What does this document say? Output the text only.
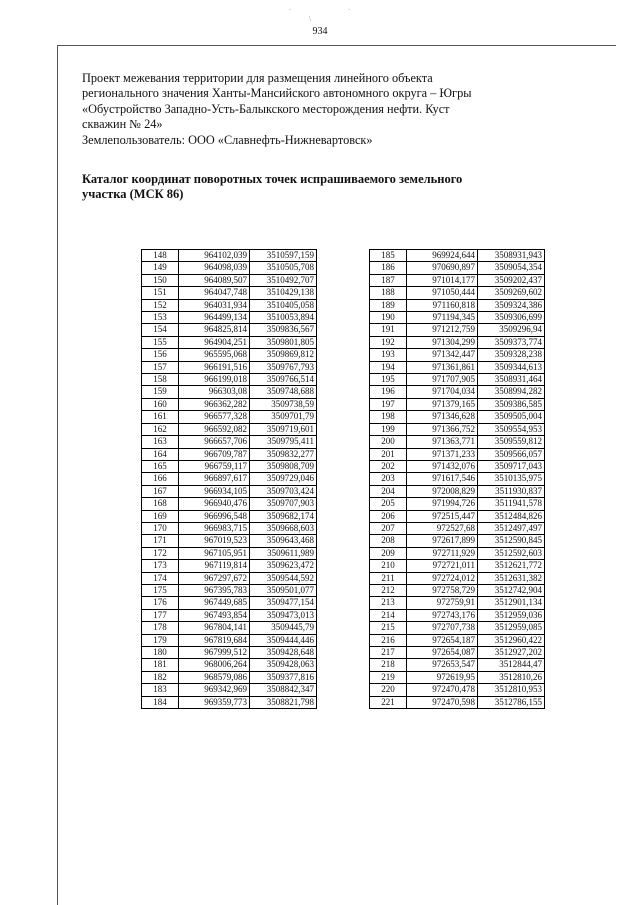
·	·
\
934
Проект межевания территории для размещения линейного объекта
регионального значения Ханты-Мансийского автономного округа – Югры
«Обустройство Западно-Усть-Балыкского месторождения нефти. Куст
скважин № 24»
Землепользователь: ООО «Славнефть-Нижневартовск»
Каталог координат поворотных точек испрашиваемого земельного
участка (МСК 86)
148	964102,039	3510597,159
149	964098,039	3510505,708
150	964089,507	3510492,707
151	964047,748	3510429,138
152	964031,934	3510405,058
153	964499,134	3510053,894
154	964825,814	3509836,567
155	964904,251	3509801,805
156	965595,068	3509869,812
157	966191,516	3509767,793
158	966199,018	3509766,514
159	966303,08	3509748,688
160	966362,282	3509738,59
161	966577,328	3509701,79
162	966592,082	3509719,601
163	966657,706	3509795,411
164	966709,787	3509832,277
165	966759,117	3509808,709
166	966897,617	3509729,046
167	966934,105	3509703,424
168	966940,476	3509707,903
169	966996,548	3509682,174
170	966983,715	3509668,603
171	967019,523	3509643,468
172	967105,951	3509611,989
173	967119,814	3509623,472
174	967297,672	3509544,592
175	967395,783	3509501,077
176	967449,685	3509477,154
177	967493,854	3509473,013
178	967804,141	3509445,79
179	967819,684	3509444,446
180	967999,512	3509428,648
181	968006,264	3509428,063
182	968579,086	3509377,816
183	969342,969	3508842,347
184	969359,773	3508821,798
185	969924,644	3508931,943
186	970690,897	3509054,354
187	971014,177	3509202,437
188	971050,444	3509269,602
189	971160,818	3509324,386
190	971194,345	3509306,699
191	971212,759	3509296,94
192	971304,299	3509373,774
193	971342,447	3509328,238
194	971361,861	3509344,613
195	971707,905	3508931,464
196	971704,034	3508994,282
197	971379,165	3509386,585
198	971346,628	3509505,004
199	971366,752	3509554,953
200	971363,771	3509559,812
201	971371,233	3509566,057
202	971432,076	3509717,043
203	971617,546	3510135,975
204	972008,829	3511930,837
205	971994,726	3511941,578
206	972515,447	3512484,826
207	972527,68	3512497,497
208	972617,899	3512590,845
209	972711,929	3512592,603
210	972721,011	3512621,772
211	972724,012	3512631,382
212	972758,729	3512742,904
213	972759,91	3512901,134
214	972743,176	3512959,036
215	972707,738	3512959,085
216	972654,187	3512960,422
217	972654,087	3512927,202
218	972653,547	3512844,47
219	972619,95	3512810,26
220	972470,478	3512810,953
221	972470,598	3512786,155
